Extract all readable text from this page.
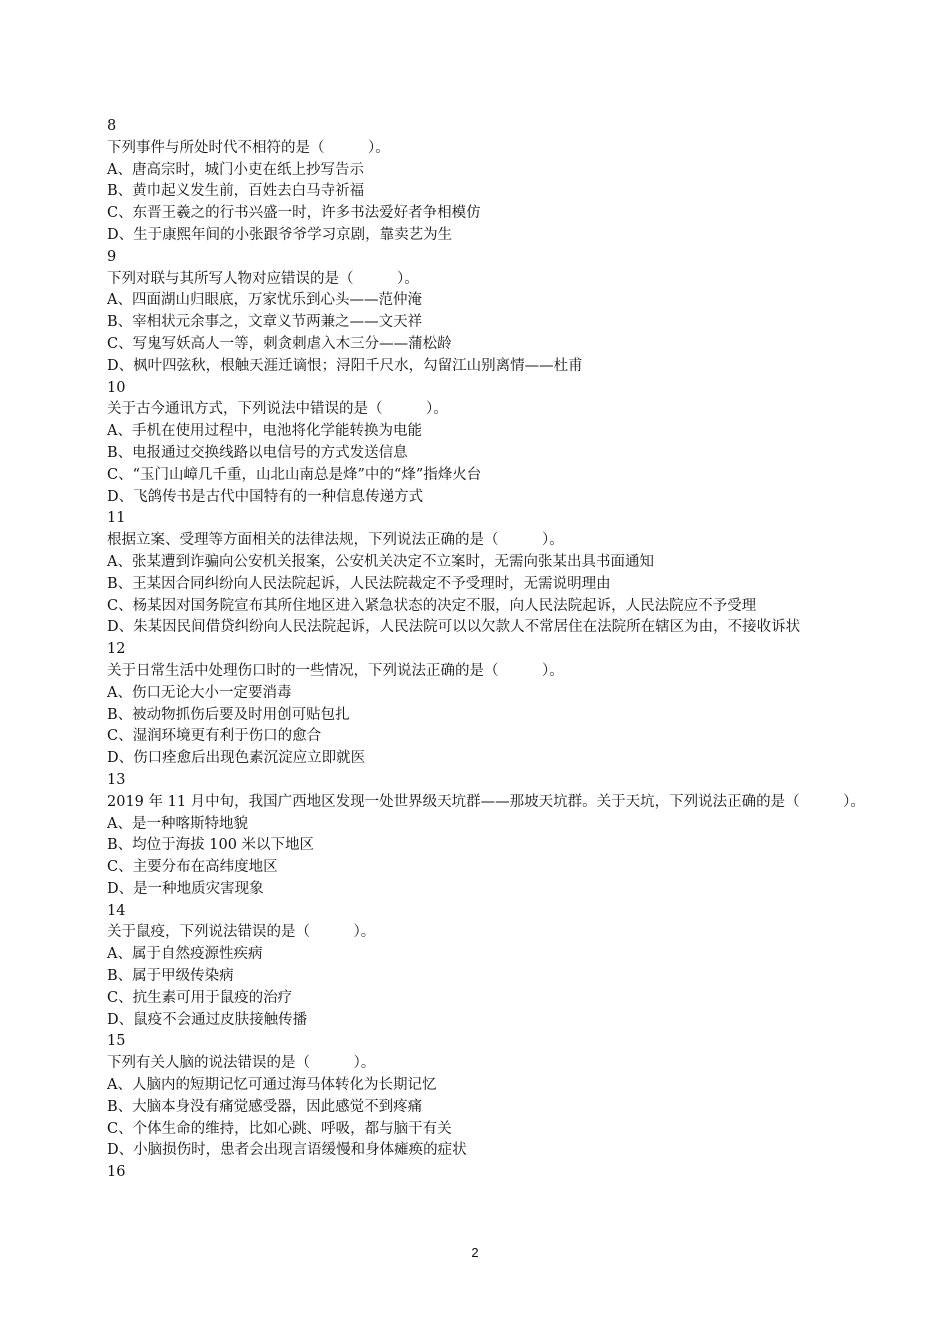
8
下列事件与所处时代不相符的是（　　　）。
A、唐高宗时，城门小吏在纸上抄写告示
B、黄巾起义发生前，百姓去白马寺祈福
C、东晋王羲之的行书兴盛一时，许多书法爱好者争相模仿
D、生于康熙年间的小张跟爷爷学习京剧，靠卖艺为生
9
下列对联与其所写人物对应错误的是（　　　）。
A、四面湖山归眼底，万家忧乐到心头——范仲淹
B、宰相状元余事之，文章义节两兼之——文天祥
C、写鬼写妖高人一等，刺贪刺虐入木三分——蒲松龄
D、枫叶四弦秋，根触天涯迁谪恨；浔阳千尺水，勾留江山别离情——杜甫
10
关于古今通讯方式，下列说法中错误的是（　　　）。
A、手机在使用过程中，电池将化学能转换为电能
B、电报通过交换线路以电信号的方式发送信息
C、“玉门山嶂几千重，山北山南总是烽”中的“烽”指烽火台
D、飞鸽传书是古代中国特有的一种信息传递方式
11
根据立案、受理等方面相关的法律法规，下列说法正确的是（　　　）。
A、张某遭到诈骗向公安机关报案，公安机关决定不立案时，无需向张某出具书面通知
B、王某因合同纠纷向人民法院起诉，人民法院裁定不予受理时，无需说明理由
C、杨某因对国务院宣布其所住地区进入紧急状态的决定不服，向人民法院起诉，人民法院应不予受理
D、朱某因民间借贷纠纷向人民法院起诉，人民法院可以以欠款人不常居住在法院所在辖区为由，不接收诉状
12
关于日常生活中处理伤口时的一些情况，下列说法正确的是（　　　）。
A、伤口无论大小一定要消毒
B、被动物抓伤后要及时用创可贴包扎
C、湿润环境更有利于伤口的愈合
D、伤口痊愈后出现色素沉淀应立即就医
13
2019 年 11 月中旬，我国广西地区发现一处世界级天坑群——那坡天坑群。关于天坑，下列说法正确的是（　　　）。
A、是一种喀斯特地貌
B、均位于海拔 100 米以下地区
C、主要分布在高纬度地区
D、是一种地质灾害现象
14
关于鼠疫，下列说法错误的是（　　　）。
A、属于自然疫源性疾病
B、属于甲级传染病
C、抗生素可用于鼠疫的治疗
D、鼠疫不会通过皮肤接触传播
15
下列有关人脑的说法错误的是（　　　）。
A、人脑内的短期记忆可通过海马体转化为长期记忆
B、大脑本身没有痛觉感受器，因此感觉不到疼痛
C、个体生命的维持，比如心跳、呼吸，都与脑干有关
D、小脑损伤时，患者会出现言语缓慢和身体瘫痪的症状
16
2
